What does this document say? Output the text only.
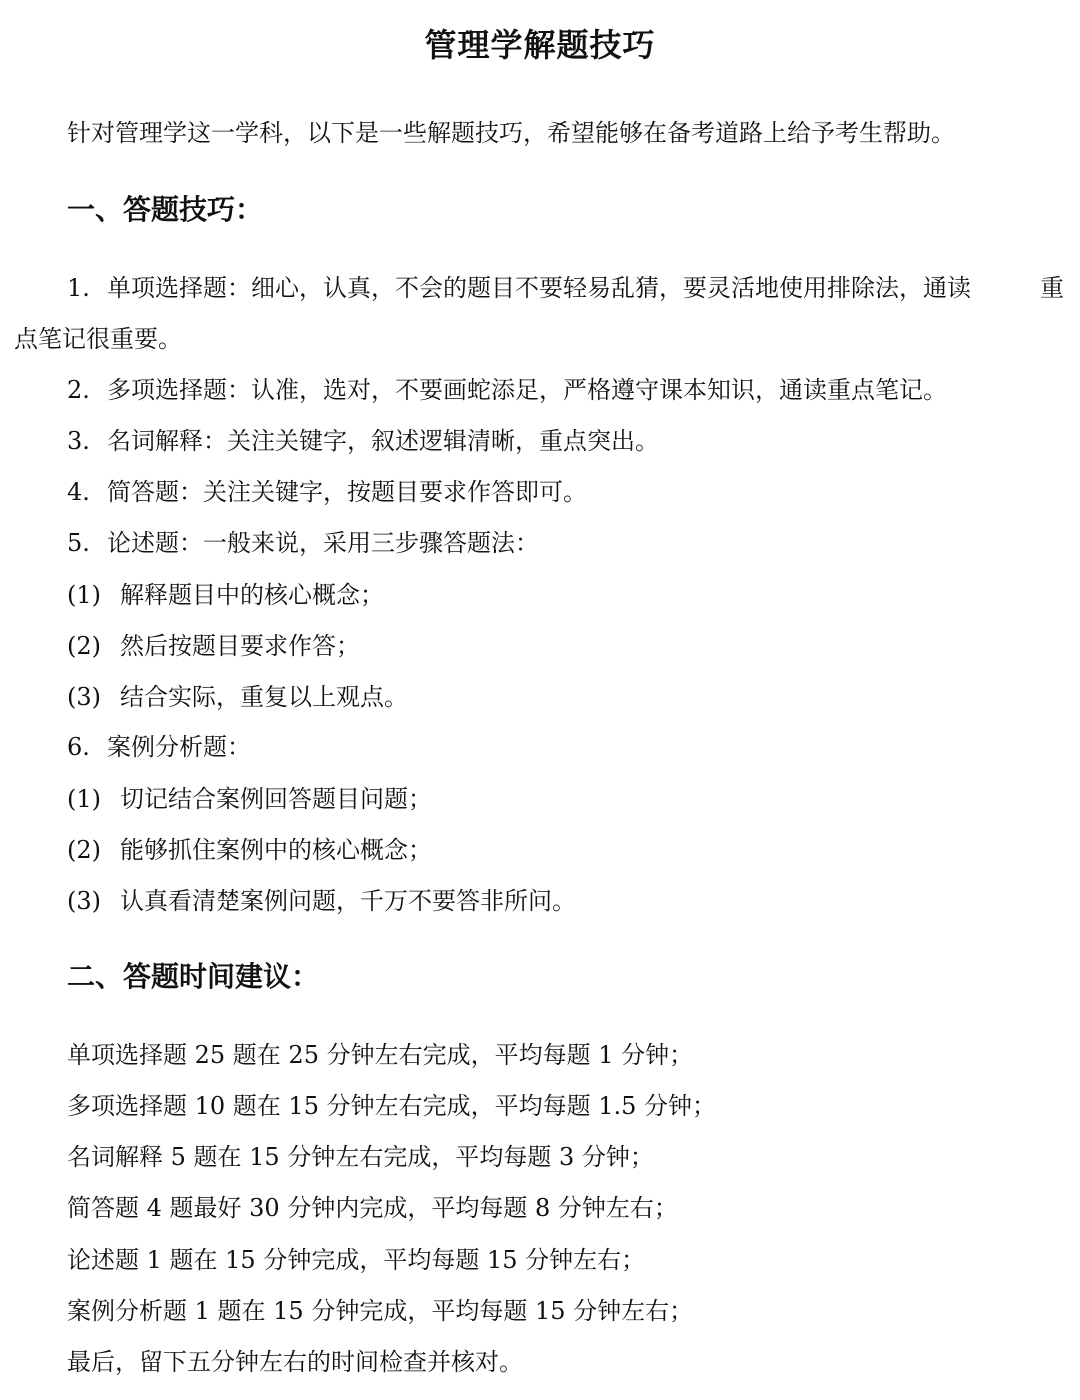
管理学解题技巧
针对管理学这一学科，以下是一些解题技巧，希望能够在备考道路上给予考生帮助。
一、答题技巧：
1. 单项选择题：细心，认真，不会的题目不要轻易乱猜，要灵活地使用排除法，通读	重
点笔记很重要。
2. 多项选择题：认准，选对，不要画蛇添足，严格遵守课本知识，通读重点笔记。
3. 名词解释：关注关键字，叙述逻辑清晰，重点突出。
4. 简答题：关注关键字，按题目要求作答即可。
5. 论述题：一般来说，采用三步骤答题法：
(1) 解释题目中的核心概念；
(2) 然后按题目要求作答；
(3) 结合实际，重复以上观点。
6. 案例分析题：
(1) 切记结合案例回答题目问题；
(2) 能够抓住案例中的核心概念；
(3) 认真看清楚案例问题，千万不要答非所问。
二、答题时间建议：
单项选择题 25 题在 25 分钟左右完成，平均每题 1 分钟；
多项选择题 10 题在 15 分钟左右完成，平均每题 1.5 分钟；
名词解释 5 题在 15 分钟左右完成，平均每题 3 分钟；
简答题 4 题最好 30 分钟内完成，平均每题 8 分钟左右；
论述题 1 题在 15 分钟完成，平均每题 15 分钟左右；
案例分析题 1 题在 15 分钟完成，平均每题 15 分钟左右；
最后，留下五分钟左右的时间检查并核对。
